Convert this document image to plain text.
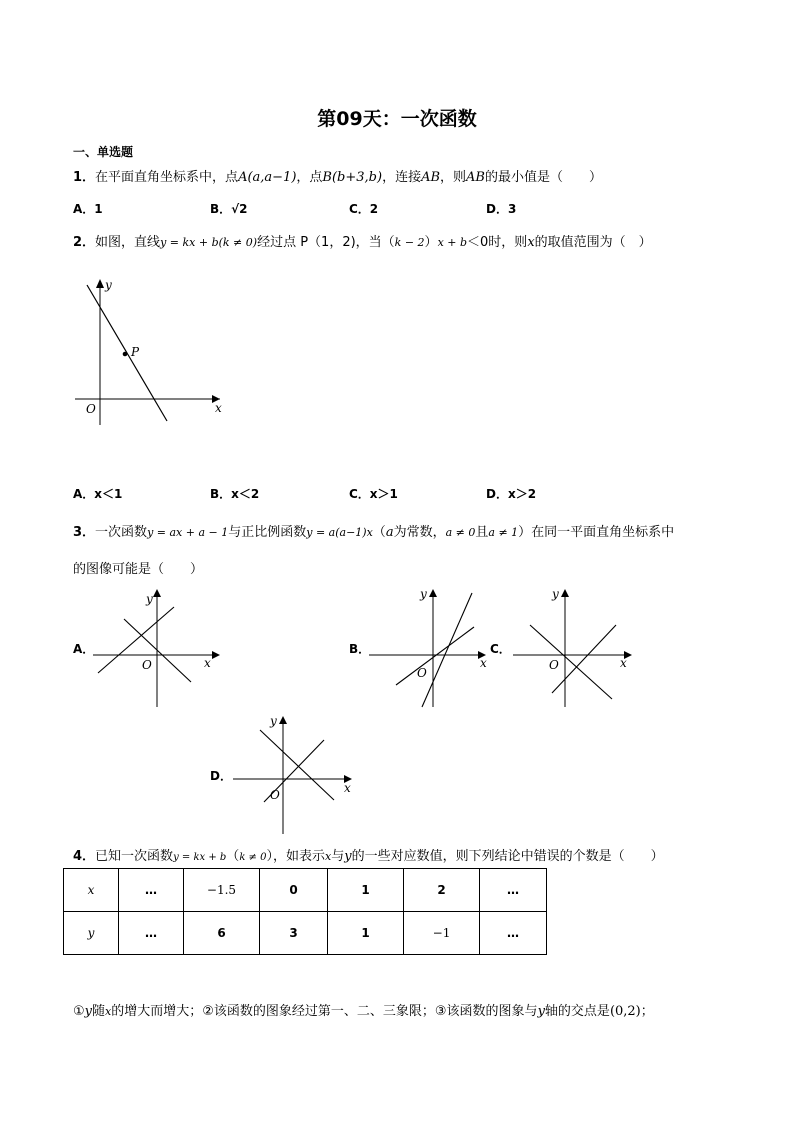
第09天：一次函数
一、单选题
1．在平面直角坐标系中，点A(a,a−1)，点B(b+3,b)，连接AB，则AB的最小值是（　　）
A．1	B．√2	C．2	D．3
2．如图，直线y = kx + b(k ≠ 0)经过点 P（1，2)，当（k − 2）x + b＜0时，则x的取值范围为（　）
y
P
O	x
A．x＜1	B．x＜2	C．x＞1	D．x＞2
3．一次函数y = ax + a − 1与正比例函数y = a(a−1)x（a为常数，a ≠ 0且a ≠ 1）在同一平面直角坐标系中
的图像可能是（　　）
A．
y
O	x
B．
y
O
x
C．
y
O	x
D．
y
O	x
4．已知一次函数y = kx + b（k ≠ 0），如表示x与y的一些对应数值，则下列结论中错误的个数是（　　）
x	…	−1.5	0	1	2	…
y	…	6	3	1	−1	…
①y随x的增大而增大；②该函数的图象经过第一、二、三象限；③该函数的图象与y轴的交点是(0,2)；
